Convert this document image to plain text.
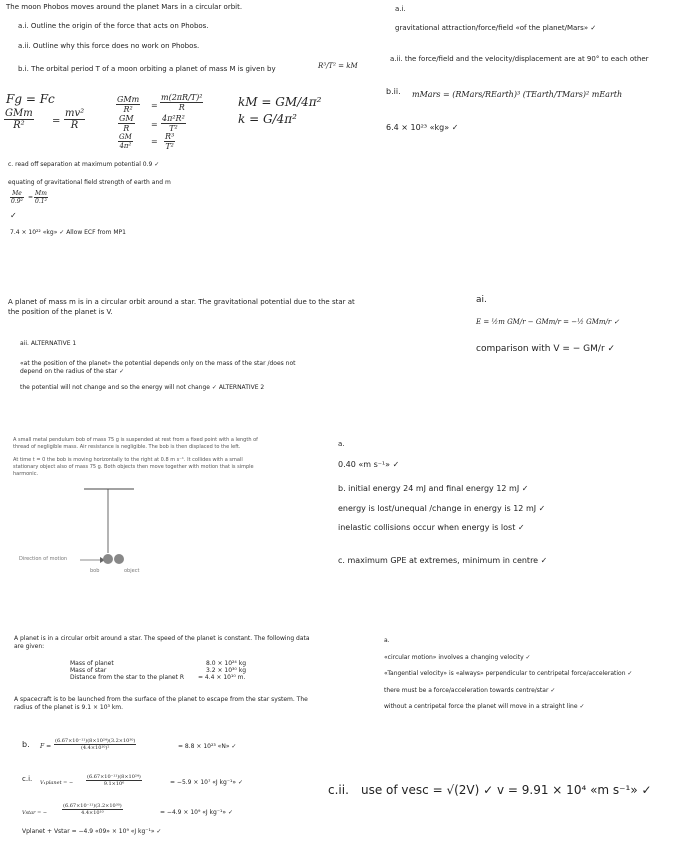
The moon Phobos moves around the planet Mars in a circular orbit.
a.i. Outline the origin of the force that acts on Phobos.
a.ii. Outline why this force does no work on Phobos.
b.i. The orbital period T of a moon orbiting a planet of mass M is given by	R³/T² = kM
Fg = Fc
GMm
R²	= $\frac{\text{mv²}}{R}$
GMm
R²	= $\frac{\text{m(2πR/T)²}}{R}$
$\frac{GM}{R} = \frac{\text{4π²R²}}{\text{T²}}$
$\frac{GM}{\text{4π²}} = \frac{\text{R³}}{\text{T²}}$
kM = GM/4π²
k = G/4π²
a.i.
gravitational attraction/force/field «of the planet/Mars» ✓
a.ii. the force/field and the velocity/displacement are at 90° to each other
b.ii. mMars = (RMars/REarth)³ (TEarth/TMars)² mEarth
6.4 × 10²³ «kg» ✓
c. read off separation at maximum potential 0.9 ✓
equating of gravitational field strength of earth and m
$\frac{Me}{\text{0.9²}} = \frac{Mm}{\text{0.1²}}$
✓
7.4 × 10²² «kg» ✓ Allow ECF from MP1
A planet of mass m is in a circular orbit around a star. The gravitational potential due to the star at
the position of the planet is V.
aii. ALTERNATIVE 1
«at the position of the planet» the potential depends only on the mass of the star /does not
depend on the radius of the star ✓
the potential will not change and so the energy will not change ✓ ALTERNATIVE 2
ai.
E = ½m GM/r − GMm/r = −½ GMm/r ✓
comparison with V = − GM/r ✓
A small metal pendulum bob of mass 75 g is suspended at rest from a fixed point with a length of
thread of negligible mass. Air resistance is negligible. The bob is then displaced to the left.
At time t = 0 the bob is moving horizontally to the right at 0.8 m s⁻¹. It collides with a small
stationary object also of mass 75 g. Both objects then move together with motion that is simple
harmonic.
Direction of motion
bob	object
a.
0.40 «m s⁻¹» ✓
b. initial energy 24 mJ and final energy 12 mJ ✓
energy is lost/unequal /change in energy is 12 mJ ✓
inelastic collisions occur when energy is lost ✓
c. maximum GPE at extremes, minimum in centre ✓
A planet is in a circular orbit around a star. The speed of the planet is constant. The following data
are given:
Mass of planet	8.0 × 10²⁴ kg
Mass of star	3.2 × 10³⁰ kg
Distance from the star to the planet R = 4.4 × 10¹⁰ m.
A spacecraft is to be launched from the surface of the planet to escape from the star system. The
radius of the planet is 9.1 × 10³ km.
b. $F = \frac{\text{(6.67×10⁻¹¹)(8×10²⁴)(3.2×10³⁰)}}{\text{(4.4×10¹⁰)²}}$	= 8.8 × 10²³ «N» ✓
c.i. V₁planet = −	$\frac{\text{(6.67×10⁻¹¹)(8×10²⁴)}}{\text{9.1×10⁶}}$	= −5.9 × 10⁷ «J kg⁻¹» ✓
Vstar = −	$\frac{\text{(6.67×10⁻¹¹)(3.2×10³⁰)}}{\text{4.4×10¹⁰}}$	= −4.9 × 10⁹ «J kg⁻¹» ✓
Vplanet + Vstar = −4.9 «09» × 10⁹ «J kg⁻¹» ✓
a.
«circular motion» involves a changing velocity ✓
«Tangential velocity» is «always» perpendicular to centripetal force/acceleration ✓
there must be a force/acceleration towards centre/star ✓
without a centripetal force the planet will move in a straight line ✓
c.ii. use of vesc = √(2V) ✓ v = 9.91 × 10⁴ «m s⁻¹» ✓
